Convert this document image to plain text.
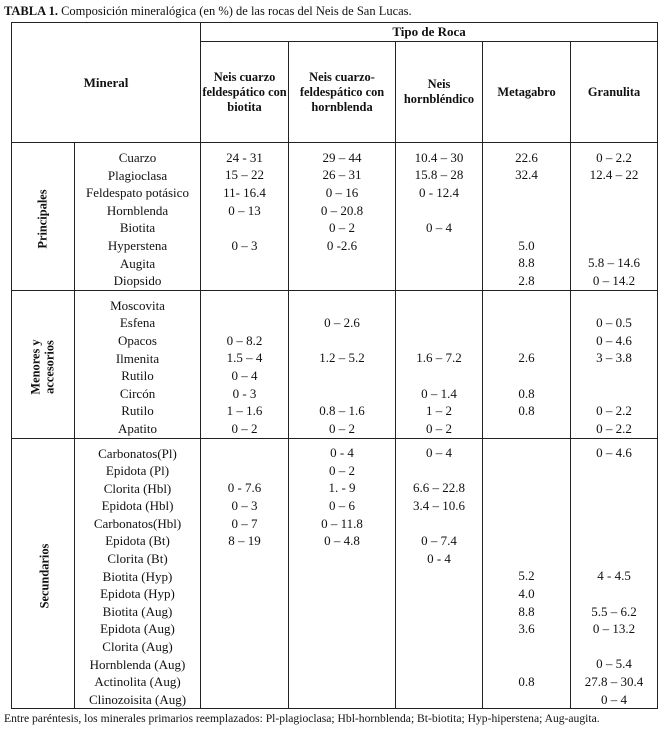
TABLA 1. Composición mineralógica (en %) de las rocas del Neis de San Lucas.
Mineral		Tipo de Roca				
		Neis cuarzo feldespático con biotita	Neis cuarzo-feldespático con hornblenda	Neis hornbléndico	Metagabro	Granulita
Principales	Cuarzo	24 - 31	29 – 44	10.4 – 30	22.6	0 – 2.2
	Plagioclasa	15 – 22	26 – 31	15.8 – 28	32.4	12.4 – 22
	Feldespato potásico	11- 16.4	0 – 16	0 - 12.4		
	Hornblenda	0 – 13	0 – 20.8			
	Biotita		0 – 2	0 – 4		
	Hyperstena	0 – 3	0 -2.6		5.0	
	Augita				8.8	5.8 – 14.6
	Diopsido				2.8	0 – 14.2

Menores y accesorios	Moscovita					
	Esfena		0 – 2.6			0 – 0.5
	Opacos	0 – 8.2				0 – 4.6
	Ilmenita	1.5 – 4	1.2 – 5.2	1.6 – 7.2	2.6	3 – 3.8
	Rutilo	0 – 4				
	Circón	0 - 3		0 – 1.4	0.8	
	Rutilo	1 – 1.6	0.8 – 1.6	1 – 2	0.8	0 – 2.2
	Apatito	0 – 2	0 – 2	0 – 2		0 – 2.2
Secundarios	Carbonatos(Pl)		0 - 4	0 – 4		0 – 4.6
	Epidota (Pl)		0 – 2			
	Clorita (Hbl)	0 - 7.6	1. - 9	6.6 – 22.8		
	Epidota (Hbl)	0 – 3	0 – 6	3.4 – 10.6		
	Carbonatos(Hbl)	0 – 7	0 – 11.8			
	Epidota (Bt)	8 – 19	0 – 4.8	0 – 7.4		
	Clorita (Bt)			0 - 4		
	Biotita (Hyp)				5.2	4 - 4.5
	Epidota (Hyp)				4.0	
	Biotita (Aug)				8.8	5.5 – 6.2
	Epidota (Aug)				3.6	0 – 13.2
	Clorita (Aug)					
	Hornblenda (Aug)					0 – 5.4
	Actinolita (Aug)				0.8	27.8 – 30.4
	Clinozoisita (Aug)					0 – 4
Entre paréntesis, los minerales primarios reemplazados: Pl-plagioclasa; Hbl-hornblenda; Bt-biotita; Hyp-hiperstena; Aug-augita.
